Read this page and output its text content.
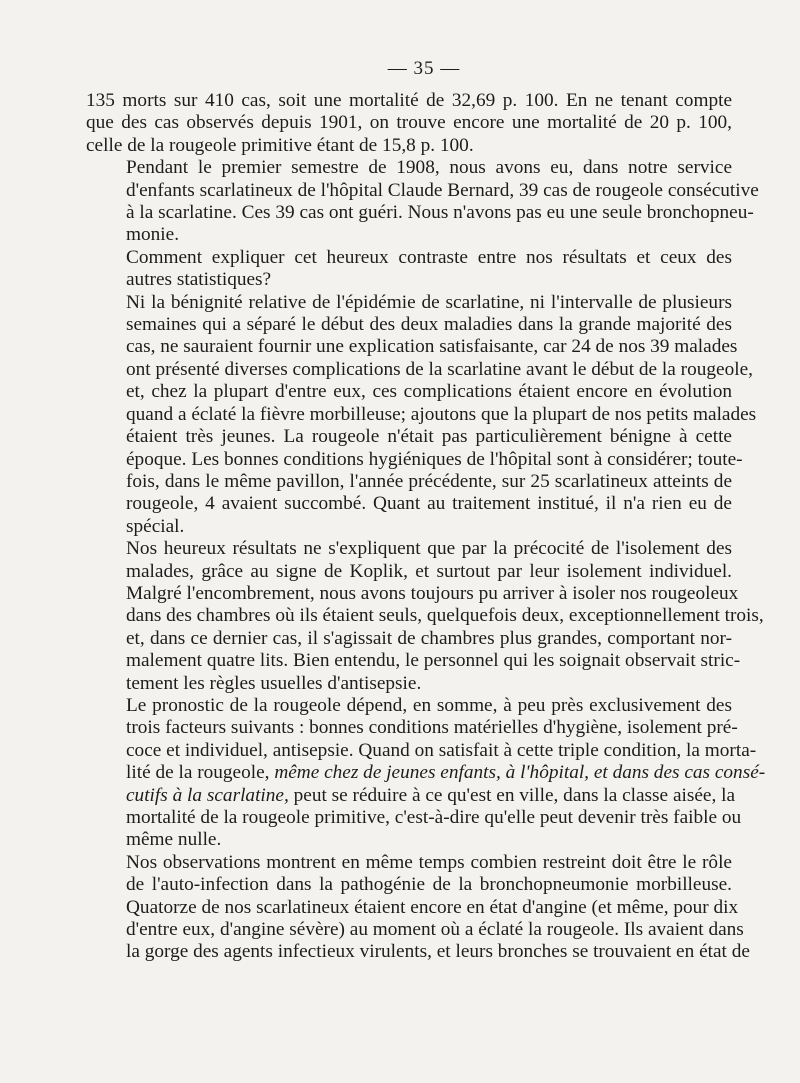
— 35 —

135 morts sur 410 cas, soit une mortalité de 32,69 p. 100. En ne tenant compte
que des cas observés depuis 1901, on trouve encore une mortalité de 20 p. 100,
celle de la rougeole primitive étant de 15,8 p. 100.

Pendant le premier semestre de 1908, nous avons eu, dans notre service
d'enfants scarlatineux de l'hôpital Claude Bernard, 39 cas de rougeole consécutive
à la scarlatine. Ces 39 cas ont guéri. Nous n'avons pas eu une seule bronchopneu-
monie.

Comment expliquer cet heureux contraste entre nos résultats et ceux des
autres statistiques?

Ni la bénignité relative de l'épidémie de scarlatine, ni l'intervalle de plusieurs
semaines qui a séparé le début des deux maladies dans la grande majorité des
cas, ne sauraient fournir une explication satisfaisante, car 24 de nos 39 malades
ont présenté diverses complications de la scarlatine avant le début de la rougeole,
et, chez la plupart d'entre eux, ces complications étaient encore en évolution
quand a éclaté la fièvre morbilleuse; ajoutons que la plupart de nos petits malades
étaient très jeunes. La rougeole n'était pas particulièrement bénigne à cette
époque. Les bonnes conditions hygiéniques de l'hôpital sont à considérer; toute-
fois, dans le même pavillon, l'année précédente, sur 25 scarlatineux atteints de
rougeole, 4 avaient succombé. Quant au traitement institué, il n'a rien eu de
spécial.

Nos heureux résultats ne s'expliquent que par la précocité de l'isolement des
malades, grâce au signe de Koplik, et surtout par leur isolement individuel.
Malgré l'encombrement, nous avons toujours pu arriver à isoler nos rougeoleux
dans des chambres où ils étaient seuls, quelquefois deux, exceptionnellement trois,
et, dans ce dernier cas, il s'agissait de chambres plus grandes, comportant nor-
malement quatre lits. Bien entendu, le personnel qui les soignait observait stric-
tement les règles usuelles d'antisepsie.

Le pronostic de la rougeole dépend, en somme, à peu près exclusivement des
trois facteurs suivants : bonnes conditions matérielles d'hygiène, isolement pré-
coce et individuel, antisepsie. Quand on satisfait à cette triple condition, la morta-
lité de la rougeole, même chez de jeunes enfants, à l'hôpital, et dans des cas consé-
cutifs à la scarlatine, peut se réduire à ce qu'est en ville, dans la classe aisée, la
mortalité de la rougeole primitive, c'est-à-dire qu'elle peut devenir très faible ou
même nulle.

Nos observations montrent en même temps combien restreint doit être le rôle
de l'auto-infection dans la pathogénie de la bronchopneumonie morbilleuse.
Quatorze de nos scarlatineux étaient encore en état d'angine (et même, pour dix
d'entre eux, d'angine sévère) au moment où a éclaté la rougeole. Ils avaient dans
la gorge des agents infectieux virulents, et leurs bronches se trouvaient en état de
